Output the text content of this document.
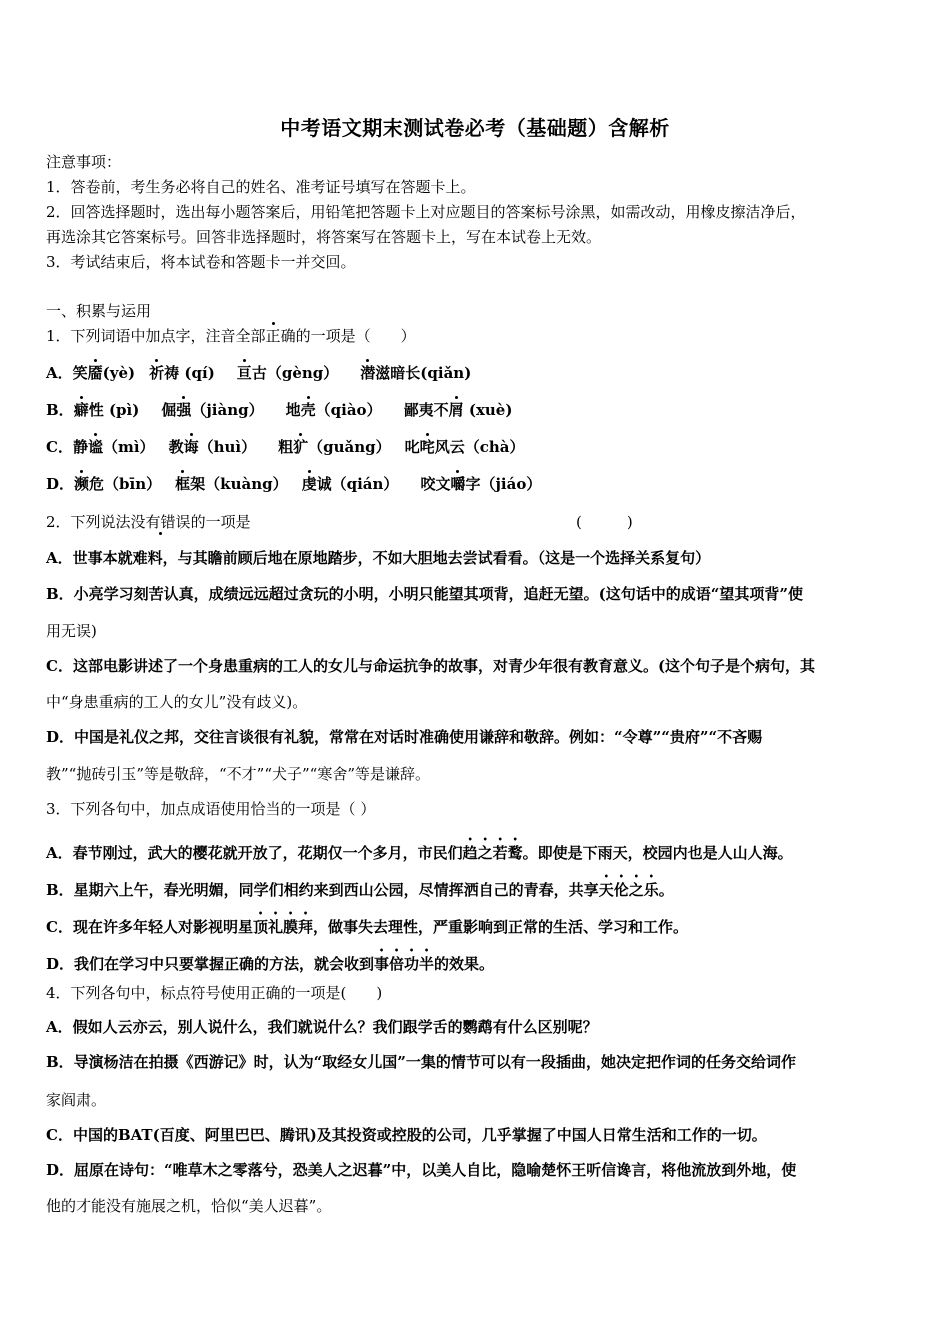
中考语文期末测试卷必考（基础题）含解析
注意事项：
1．答卷前，考生务必将自己的姓名、准考证号填写在答题卡上。
2．回答选择题时，选出每小题答案后，用铅笔把答题卡上对应题目的答案标号涂黑，如需改动，用橡皮擦洁净后，
再选涂其它答案标号。回答非选择题时，将答案写在答题卡上，写在本试卷上无效。
3．考试结束后，将本试卷和答题卡一并交回。
一、积累与运用
1．下列词语中加点字，注音全部正确的一项是（　　）
A．笑靥(yè) 祈祷 (qí) 亘古（gèng） 潜滋暗长(qiǎn)
B．癖性 (pì) 倔强（jiàng） 地壳（qiào） 鄙夷不屑 (xuè)
C．静谧（mì） 教诲（huì） 粗犷（guǎng） 叱咤风云（chà）
D．濒危（bīn） 框架（kuàng） 虔诚（qián） 咬文嚼字（jiáo）
2．下列说法没有错误的一项是	(　　　)
A．世事本就难料，与其瞻前顾后地在原地踏步，不如大胆地去尝试看看。（这是一个选择关系复句）
B．小亮学习刻苦认真，成绩远远超过贪玩的小明，小明只能望其项背，追赶无望。(这句话中的成语“望其项背”使
用无误)
C．这部电影讲述了一个身患重病的工人的女儿与命运抗争的故事，对青少年很有教育意义。(这个句子是个病句，其
中“身患重病的工人的女儿”没有歧义)。
D．中国是礼仪之邦，交往言谈很有礼貌，常常在对话时准确使用谦辞和敬辞。例如：“令尊”“贵府”“不吝赐
教”“抛砖引玉”等是敬辞，“不才”“犬子”“寒舍”等是谦辞。
3．下列各句中，加点成语使用恰当的一项是（ ）
A．春节刚过，武大的樱花就开放了，花期仅一个多月，市民们趋之若鹜。即使是下雨天，校园内也是人山人海。
B．星期六上午，春光明媚，同学们相约来到西山公园，尽情挥洒自己的青春，共享天伦之乐。
C．现在许多年轻人对影视明星顶礼膜拜，做事失去理性，严重影响到正常的生活、学习和工作。
D．我们在学习中只要掌握正确的方法，就会收到事倍功半的效果。
4．下列各句中，标点符号使用正确的一项是(　　)
A．假如人云亦云，别人说什么，我们就说什么？我们跟学舌的鹦鹉有什么区别呢？
B．导演杨洁在拍摄《西游记》时，认为“取经女儿国”一集的情节可以有一段插曲，她决定把作词的任务交给词作
家阎肃。
C．中国的BAT(百度、阿里巴巴、腾讯)及其投资或控股的公司，几乎掌握了中国人日常生活和工作的一切。
D．屈原在诗句：“唯草木之零落兮，恐美人之迟暮”中，以美人自比，隐喻楚怀王听信谗言，将他流放到外地，使
他的才能没有施展之机，恰似“美人迟暮”。
